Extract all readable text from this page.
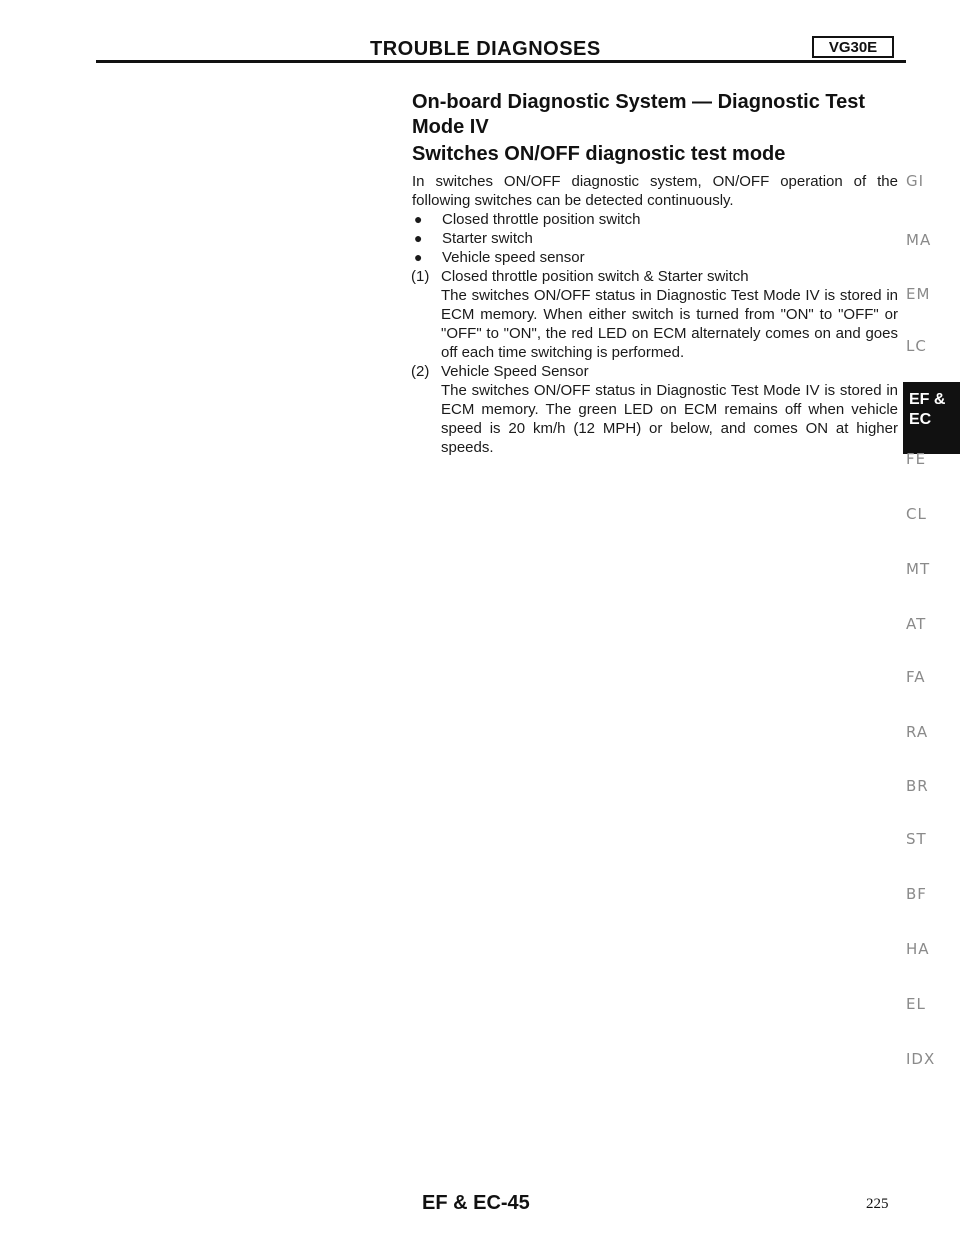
TROUBLE DIAGNOSES	VG30E
On-board Diagnostic System — Diagnostic Test Mode IV
Switches ON/OFF diagnostic test mode
In switches ON/OFF diagnostic system, ON/OFF operation of the following switches can be detected continuously.
●	Closed throttle position switch
●	Starter switch
●	Vehicle speed sensor
(1) Closed throttle position switch & Starter switch
The switches ON/OFF status in Diagnostic Test Mode IV is stored in ECM memory. When either switch is turned from "ON" to "OFF" or "OFF" to "ON", the red LED on ECM alternately comes on and goes off each time switching is performed.
(2) Vehicle Speed Sensor
The switches ON/OFF status in Diagnostic Test Mode IV is stored in ECM memory. The green LED on ECM remains off when vehicle speed is 20 km/h (12 MPH) or below, and comes ON at higher speeds.
GI
MA
EM
LC
EF &
EC
FE
CL
MT
AT
FA
RA
BR
ST
BF
HA
EL
IDX
EF & EC-45	225
